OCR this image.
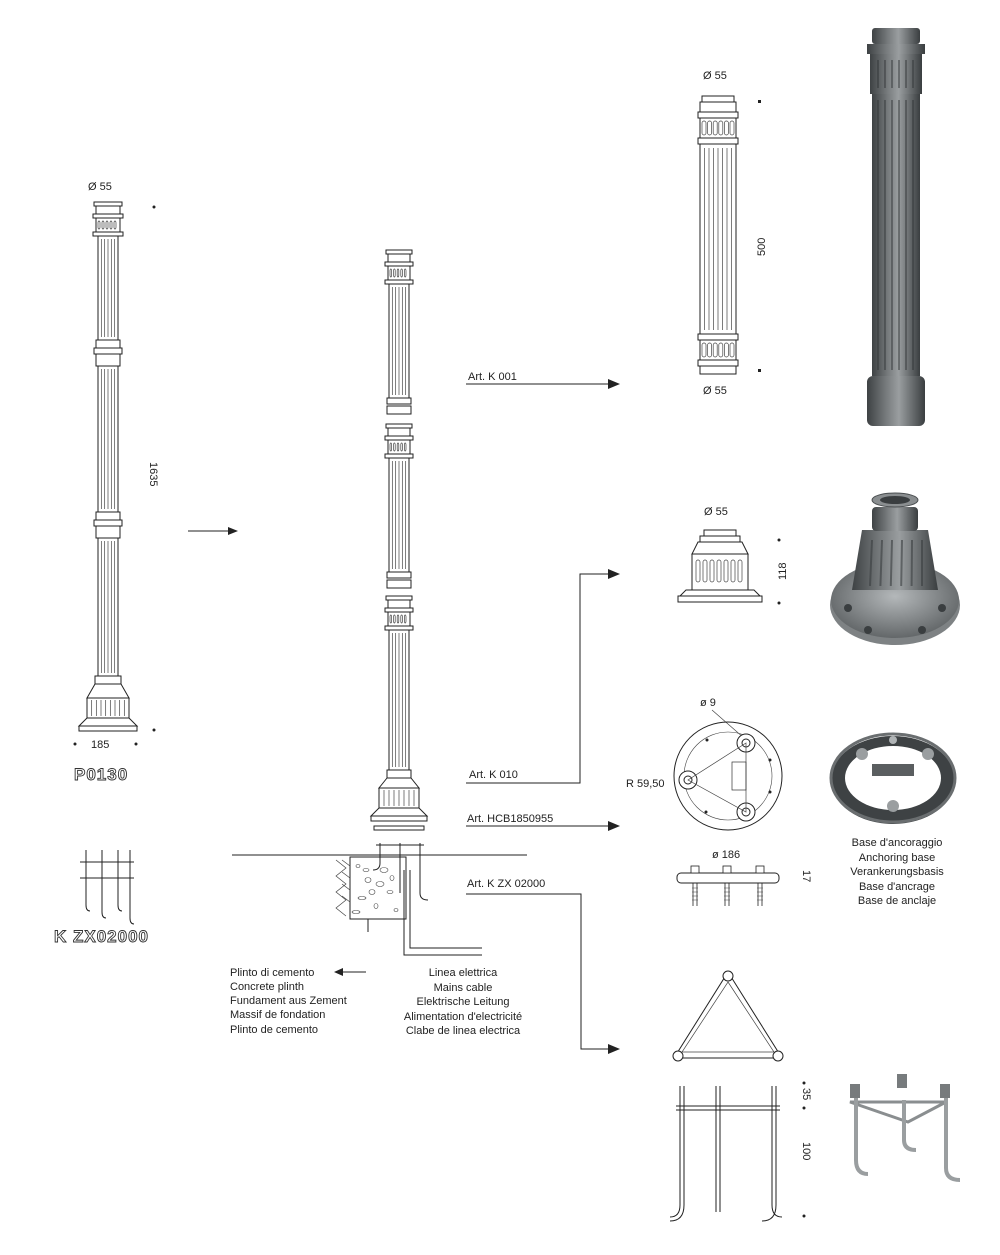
Ø 55
1635
185
P0130
K ZX02000
Plinto di cemento
Concrete plinth
Fundament aus Zement
Massif de fondation
Plinto de cemento
Linea elettrica
Mains cable
Elektrische Leitung
Alimentation d'electricité
Clabe de linea electrica
Art. K 001
Art. K 010
Art. HCB1850955
Art. K ZX 02000
Ø 55
500
Ø 55
Ø 55
118
ø 9
R 59,50
ø 186
17
Base d'ancoraggio
Anchoring base
Verankerungsbasis
Base d'ancrage
Base de anclaje
35
100
